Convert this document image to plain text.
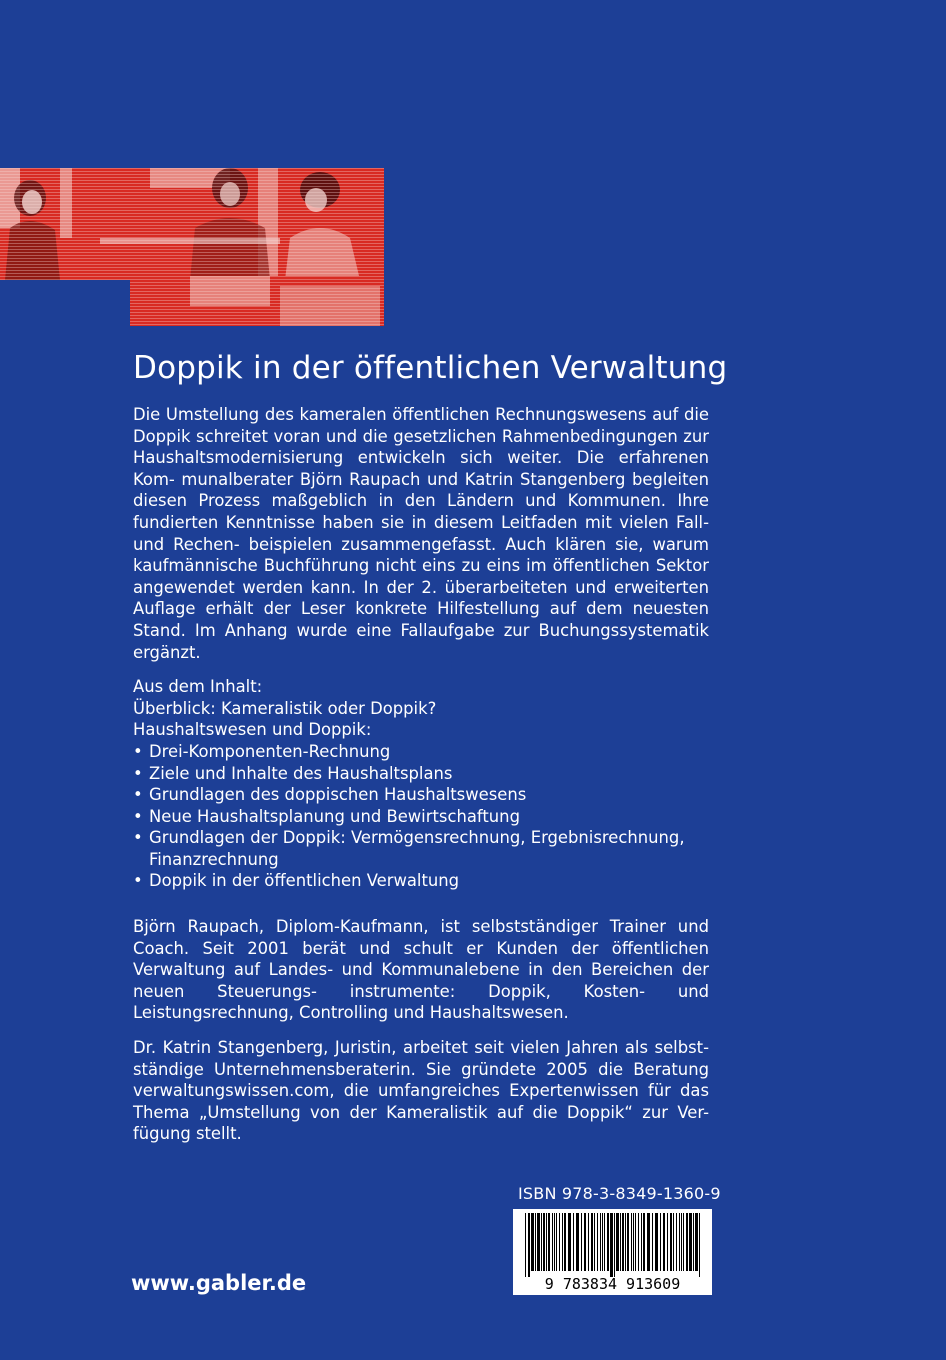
Doppik in der öffentlichen Verwaltung

Die Umstellung des kameralen öffentlichen Rechnungswesens auf die Doppik schreitet voran und die gesetzlichen Rahmenbedingungen zur Haushaltsmodernisierung entwickeln sich weiter. Die erfahrenen Kom- munalberater Björn Raupach und Katrin Stangenberg begleiten diesen Prozess maßgeblich in den Ländern und Kommunen. Ihre fundierten Kenntnisse haben sie in diesem Leitfaden mit vielen Fall- und Rechen- beispielen zusammengefasst. Auch klären sie, warum kaufmännische Buchführung nicht eins zu eins im öffentlichen Sektor angewendet werden kann. In der 2. überarbeiteten und erweiterten Auflage erhält der Leser konkrete Hilfestellung auf dem neuesten Stand. Im Anhang wurde eine Fallaufgabe zur Buchungssystematik ergänzt.

Aus dem Inhalt:
Überblick: Kameralistik oder Doppik?
Haushaltswesen und Doppik:
• Drei-Komponenten-Rechnung
• Ziele und Inhalte des Haushaltsplans
• Grundlagen des doppischen Haushaltswesens
• Neue Haushaltsplanung und Bewirtschaftung
• Grundlagen der Doppik: Vermögensrechnung, Ergebnisrechnung, Finanzrechnung
• Doppik in der öffentlichen Verwaltung

Björn Raupach, Diplom-Kaufmann, ist selbstständiger Trainer und Coach. Seit 2001 berät und schult er Kunden der öffentlichen Verwaltung auf Landes- und Kommunalebene in den Bereichen der neuen Steuerungs- instrumente: Doppik, Kosten- und Leistungsrechnung, Controlling und Haushaltswesen.

Dr. Katrin Stangenberg, Juristin, arbeitet seit vielen Jahren als selbst- ständige Unternehmensberaterin. Sie gründete 2005 die Beratung verwaltungswissen.com, die umfangreiches Expertenwissen für das Thema „Umstellung von der Kameralistik auf die Doppik“ zur Ver- fügung stellt.

ISBN 978-3-8349-1360-9
9 783834 913609
www.gabler.de
